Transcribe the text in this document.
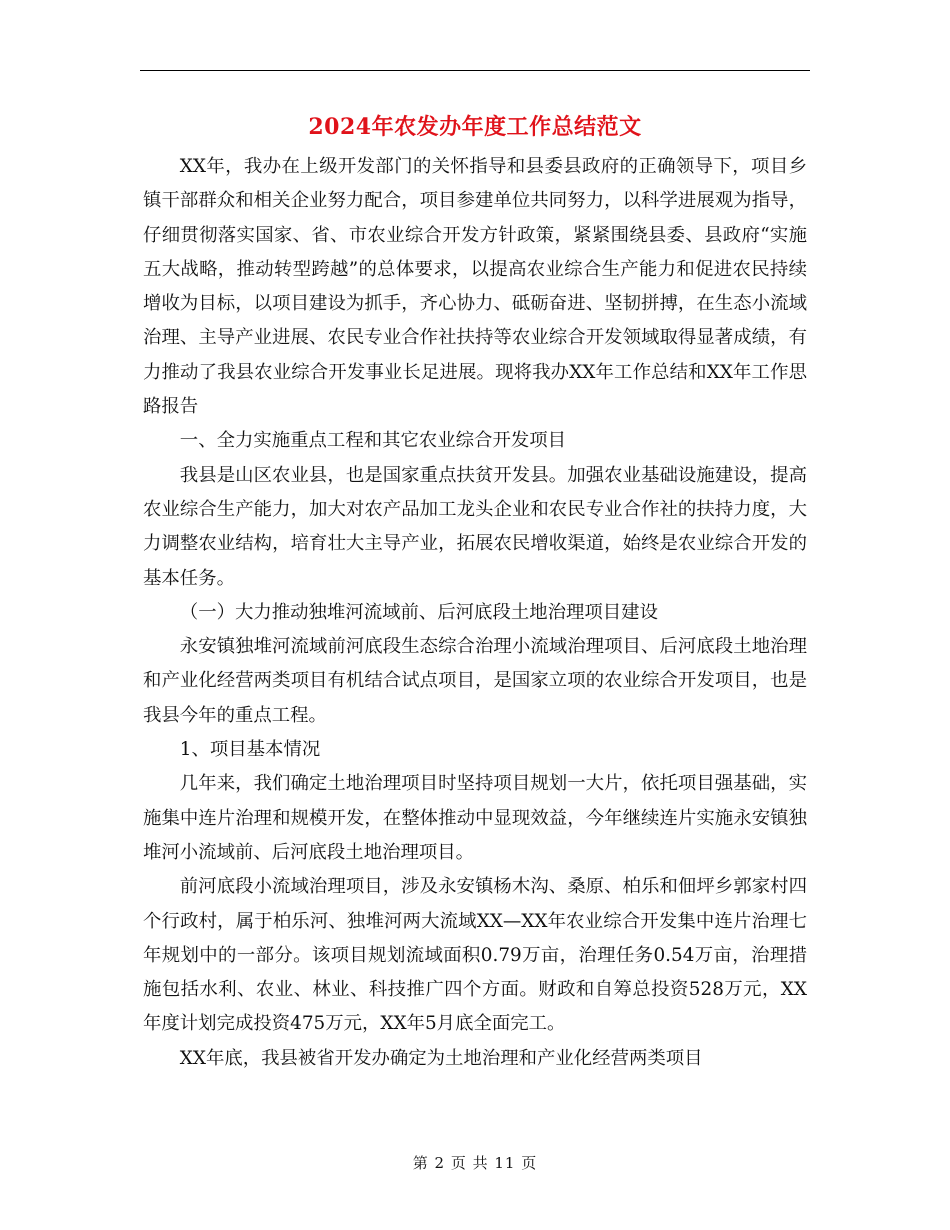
2024年农发办年度工作总结范文

XX年，我办在上级开发部门的关怀指导和县委县政府的正确领导下，项目乡镇干部群众和相关企业努力配合，项目参建单位共同努力，以科学进展观为指导，仔细贯彻落实国家、省、市农业综合开发方针政策，紧紧围绕县委、县政府“实施五大战略，推动转型跨越”的总体要求，以提高农业综合生产能力和促进农民持续增收为目标，以项目建设为抓手，齐心协力、砥砺奋进、坚韧拼搏，在生态小流域治理、主导产业进展、农民专业合作社扶持等农业综合开发领域取得显著成绩，有力推动了我县农业综合开发事业长足进展。现将我办XX年工作总结和XX年工作思路报告

一、全力实施重点工程和其它农业综合开发项目

我县是山区农业县，也是国家重点扶贫开发县。加强农业基础设施建设，提高农业综合生产能力，加大对农产品加工龙头企业和农民专业合作社的扶持力度，大力调整农业结构，培育壮大主导产业，拓展农民增收渠道，始终是农业综合开发的基本任务。

（一）大力推动独堆河流域前、后河底段土地治理项目建设

永安镇独堆河流域前河底段生态综合治理小流域治理项目、后河底段土地治理和产业化经营两类项目有机结合试点项目，是国家立项的农业综合开发项目，也是我县今年的重点工程。

1、项目基本情况

几年来，我们确定土地治理项目时坚持项目规划一大片，依托项目强基础，实施集中连片治理和规模开发，在整体推动中显现效益，今年继续连片实施永安镇独堆河小流域前、后河底段土地治理项目。

前河底段小流域治理项目，涉及永安镇杨木沟、桑原、柏乐和佃坪乡郭家村四个行政村，属于柏乐河、独堆河两大流域XX—XX年农业综合开发集中连片治理七年规划中的一部分。该项目规划流域面积0.79万亩，治理任务0.54万亩，治理措施包括水利、农业、林业、科技推广四个方面。财政和自筹总投资528万元，XX年度计划完成投资475万元，XX年5月底全面完工。

XX年底，我县被省开发办确定为土地治理和产业化经营两类项目

第 2 页 共 11 页
